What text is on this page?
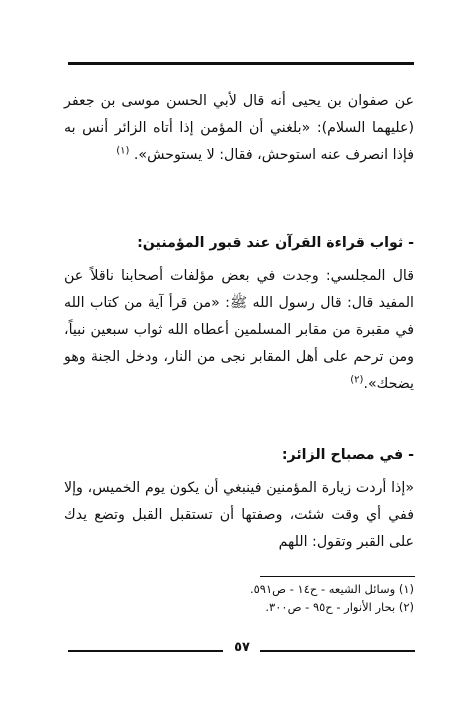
عن صفوان بن يحيى أنه قال لأبي الحسن موسى بن جعفر (عليهما السلام): «بلغني أن المؤمن إذا أتاه الزائر أنس به فإذا انصرف عنه استوحش، فقال: لا يستوحش». $^{(١)}$

- ثواب قراءة القرآن عند قبور المؤمنين:

قال المجلسي: وجدت في بعض مؤلفات أصحابنا ناقلاً عن المفيد قال: قال رسول الله ﷺ: «من قرأ آية من كتاب الله في مقبرة من مقابر المسلمين أعطاه الله ثواب سبعين نبياً، ومن ترحم على أهل المقابر نجى من النار، ودخل الجنة وهو يضحك».$^{(٢)}$

- في مصباح الزائر:

«إذا أردت زيارة المؤمنين فينبغي أن يكون يوم الخميس، وإلا ففي أي وقت شئت، وصفتها أن تستقبل القبل وتضع يدك على القبر وتقول: اللهم

(١) وسائل الشيعه - ح١٤ - ص٥٩١.

(٢) بحار الأنوار - ح٩٥ - ص٣٠٠.

٥٧
